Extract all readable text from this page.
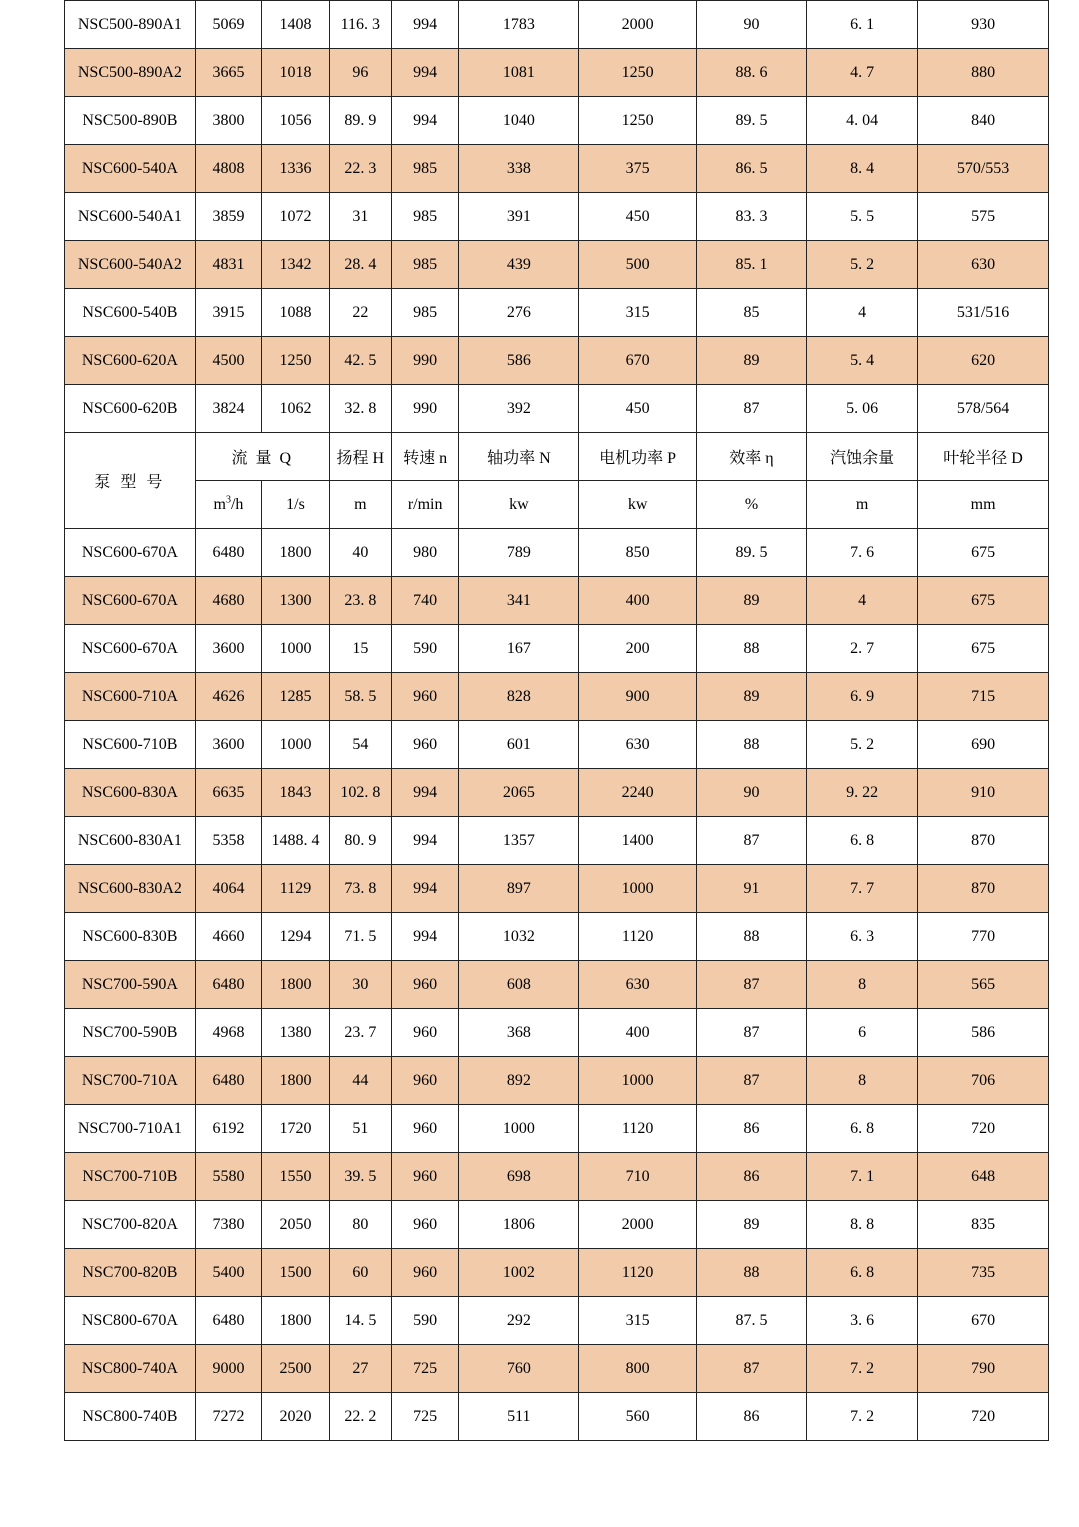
NSC500-890A1	5069	1408	116. 3	994	1783	2000	90	6. 1	930
NSC500-890A2	3665	1018	96	994	1081	1250	88. 6	4. 7	880
NSC500-890B	3800	1056	89. 9	994	1040	1250	89. 5	4. 04	840
NSC600-540A	4808	1336	22. 3	985	338	375	86. 5	8. 4	570/553
NSC600-540A1	3859	1072	31	985	391	450	83. 3	5. 5	575
NSC600-540A2	4831	1342	28. 4	985	439	500	85. 1	5. 2	630
NSC600-540B	3915	1088	22	985	276	315	85	4	531/516
NSC600-620A	4500	1250	42. 5	990	586	670	89	5. 4	620
NSC600-620B	3824	1062	32. 8	990	392	450	87	5. 06	578/564
泵 型 号	流 量 Q		扬程 H	转速 n	轴功率 N	电机功率 P	效率 η	汽蚀余量	叶轮半径 D
	$m^3/h$	1/s	m	r/min	kw	kw	%	m	mm
NSC600-670A	6480	1800	40	980	789	850	89. 5	7. 6	675
NSC600-670A	4680	1300	23. 8	740	341	400	89	4	675
NSC600-670A	3600	1000	15	590	167	200	88	2. 7	675
NSC600-710A	4626	1285	58. 5	960	828	900	89	6. 9	715
NSC600-710B	3600	1000	54	960	601	630	88	5. 2	690
NSC600-830A	6635	1843	102. 8	994	2065	2240	90	9. 22	910
NSC600-830A1	5358	1488. 4	80. 9	994	1357	1400	87	6. 8	870
NSC600-830A2	4064	1129	73. 8	994	897	1000	91	7. 7	870
NSC600-830B	4660	1294	71. 5	994	1032	1120	88	6. 3	770
NSC700-590A	6480	1800	30	960	608	630	87	8	565
NSC700-590B	4968	1380	23. 7	960	368	400	87	6	586
NSC700-710A	6480	1800	44	960	892	1000	87	8	706
NSC700-710A1	6192	1720	51	960	1000	1120	86	6. 8	720
NSC700-710B	5580	1550	39. 5	960	698	710	86	7. 1	648
NSC700-820A	7380	2050	80	960	1806	2000	89	8. 8	835
NSC700-820B	5400	1500	60	960	1002	1120	88	6. 8	735
NSC800-670A	6480	1800	14. 5	590	292	315	87. 5	3. 6	670
NSC800-740A	9000	2500	27	725	760	800	87	7. 2	790
NSC800-740B	7272	2020	22. 2	725	511	560	86	7. 2	720
